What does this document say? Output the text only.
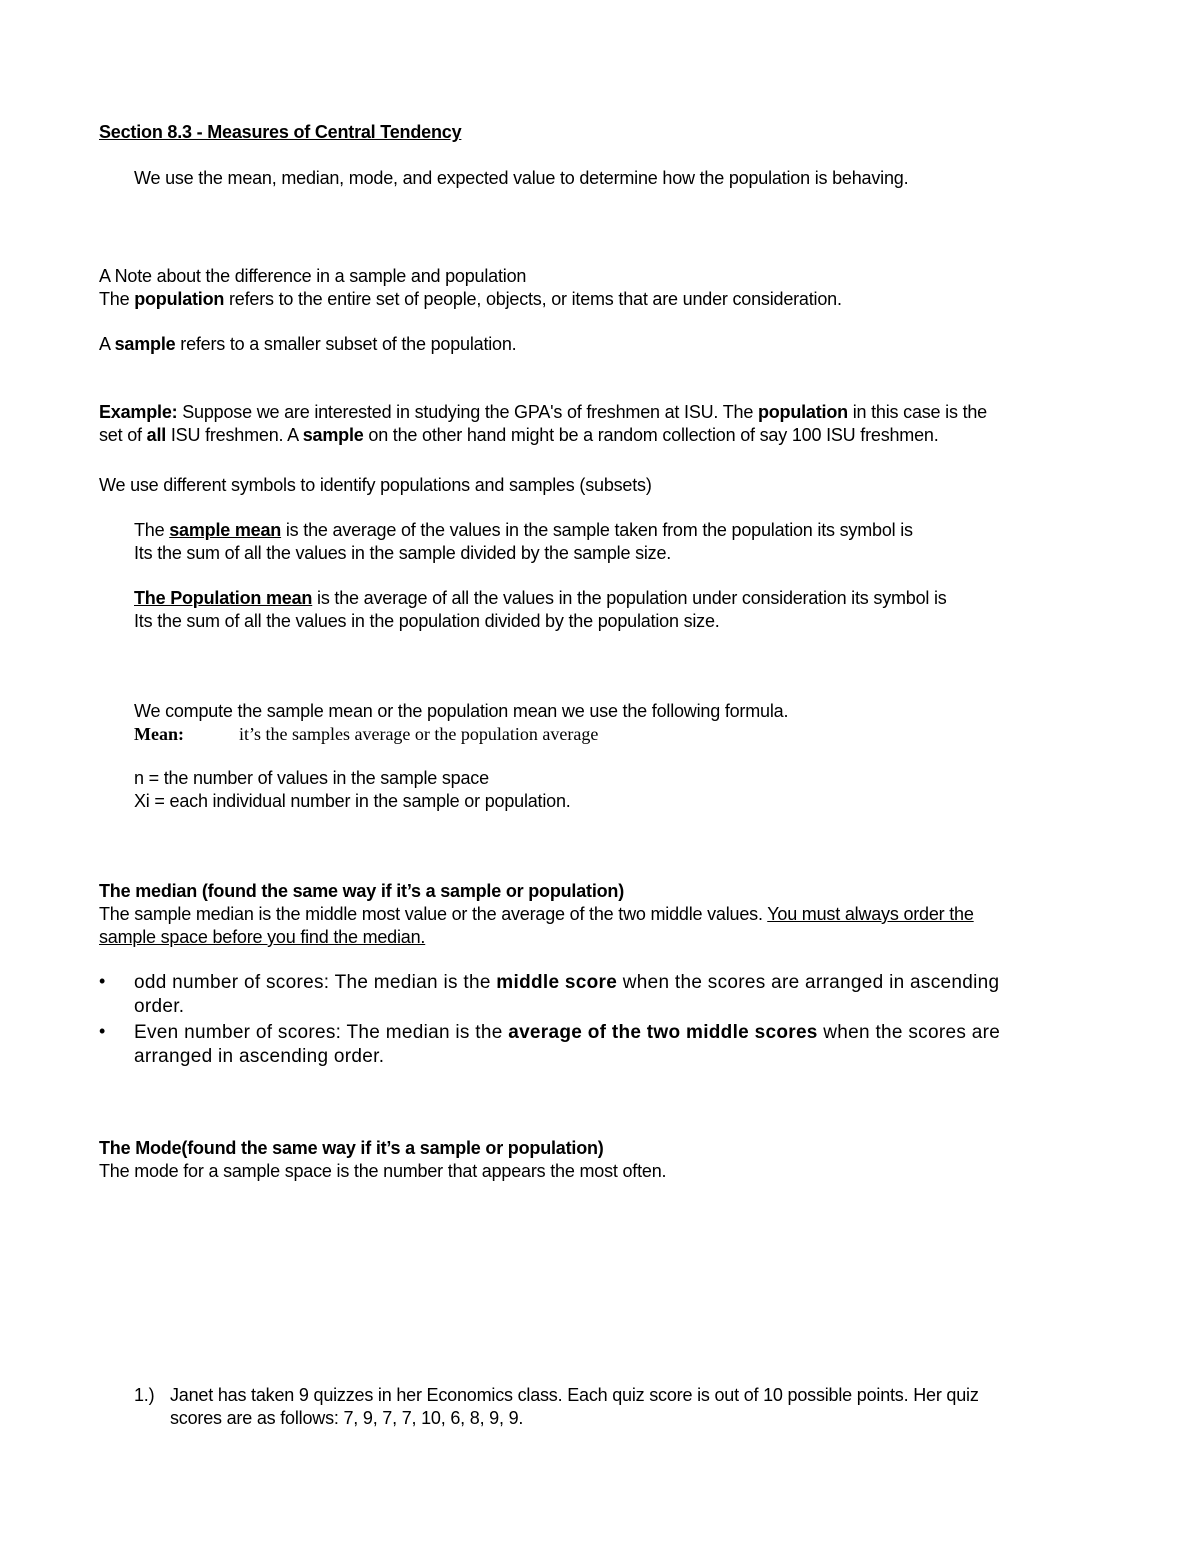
Section 8.3 - Measures of Central Tendency
We use the mean, median, mode, and expected value to determine how the population is behaving.
A Note about the difference in a sample and population
The population refers to the entire set of people, objects, or items that are under consideration.
A sample refers to a smaller subset of the population.
Example: Suppose we are interested in studying the GPA's of freshmen at ISU. The population in this case is the
set of all ISU freshmen. A sample on the other hand might be a random collection of say 100 ISU freshmen.
We use different symbols to identify populations and samples (subsets)
The sample mean is the average of the values in the sample taken from the population its symbol is
Its the sum of all the values in the sample divided by the sample size.
The Population mean is the average of all the values in the population under consideration its symbol is
Its the sum of all the values in the population divided by the population size.
We compute the sample mean or the population mean we use the following formula.
Mean:	it’s the samples average or the population average
n = the number of values in the sample space
Xi = each individual number in the sample or population.
The median (found the same way if it’s a sample or population)
The sample median is the middle most value or the average of the two middle values. You must always order the
sample space before you find the median.
• odd number of scores: The median is the middle score when the scores are arranged in ascending
order.
• Even number of scores: The median is the average of the two middle scores when the scores are
arranged in ascending order.
The Mode(found the same way if it’s a sample or population)
The mode for a sample space is the number that appears the most often.
1.) Janet has taken 9 quizzes in her Economics class. Each quiz score is out of 10 possible points. Her quiz
scores are as follows: 7, 9, 7, 7, 10, 6, 8, 9, 9.
